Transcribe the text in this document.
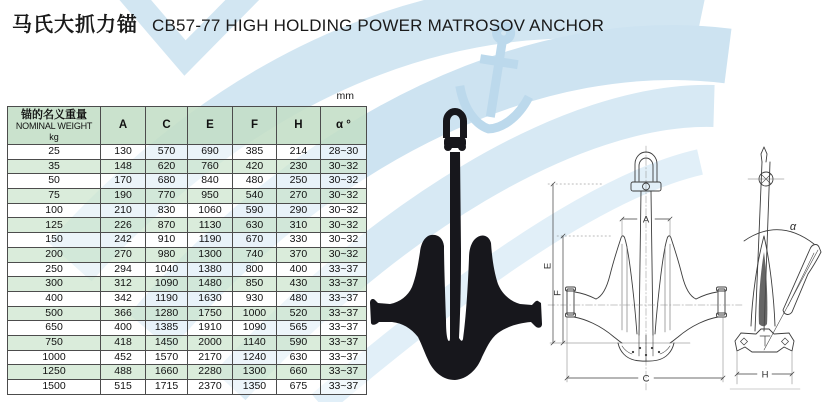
马氏大抓力锚 CB57-77 HIGH HOLDING POWER MATROSOV ANCHOR
mm
锚的名义重量
NOMINAL WEIGHT
kg	A	C	E	F	H	α °
25	130	570	690	385	214	28~30
35	148	620	760	420	230	30~32
50	170	680	840	480	250	30~32
75	190	770	950	540	270	30~32
100	210	830	1060	590	290	30~32
125	226	870	1130	630	310	30~32
150	242	910	1190	670	330	30~32
200	270	980	1300	740	370	30~32
250	294	1040	1380	800	400	33~37
300	312	1090	1480	850	430	33~37
400	342	1190	1630	930	480	33~37
500	366	1280	1750	1000	520	33~37
650	400	1385	1910	1090	565	33~37
750	418	1450	2000	1140	590	33~37
1000	452	1570	2170	1240	630	33~37
1250	488	1660	2280	1300	660	33~37
1500	515	1715	2370	1350	675	33~37
A
C
E
F
H
α
